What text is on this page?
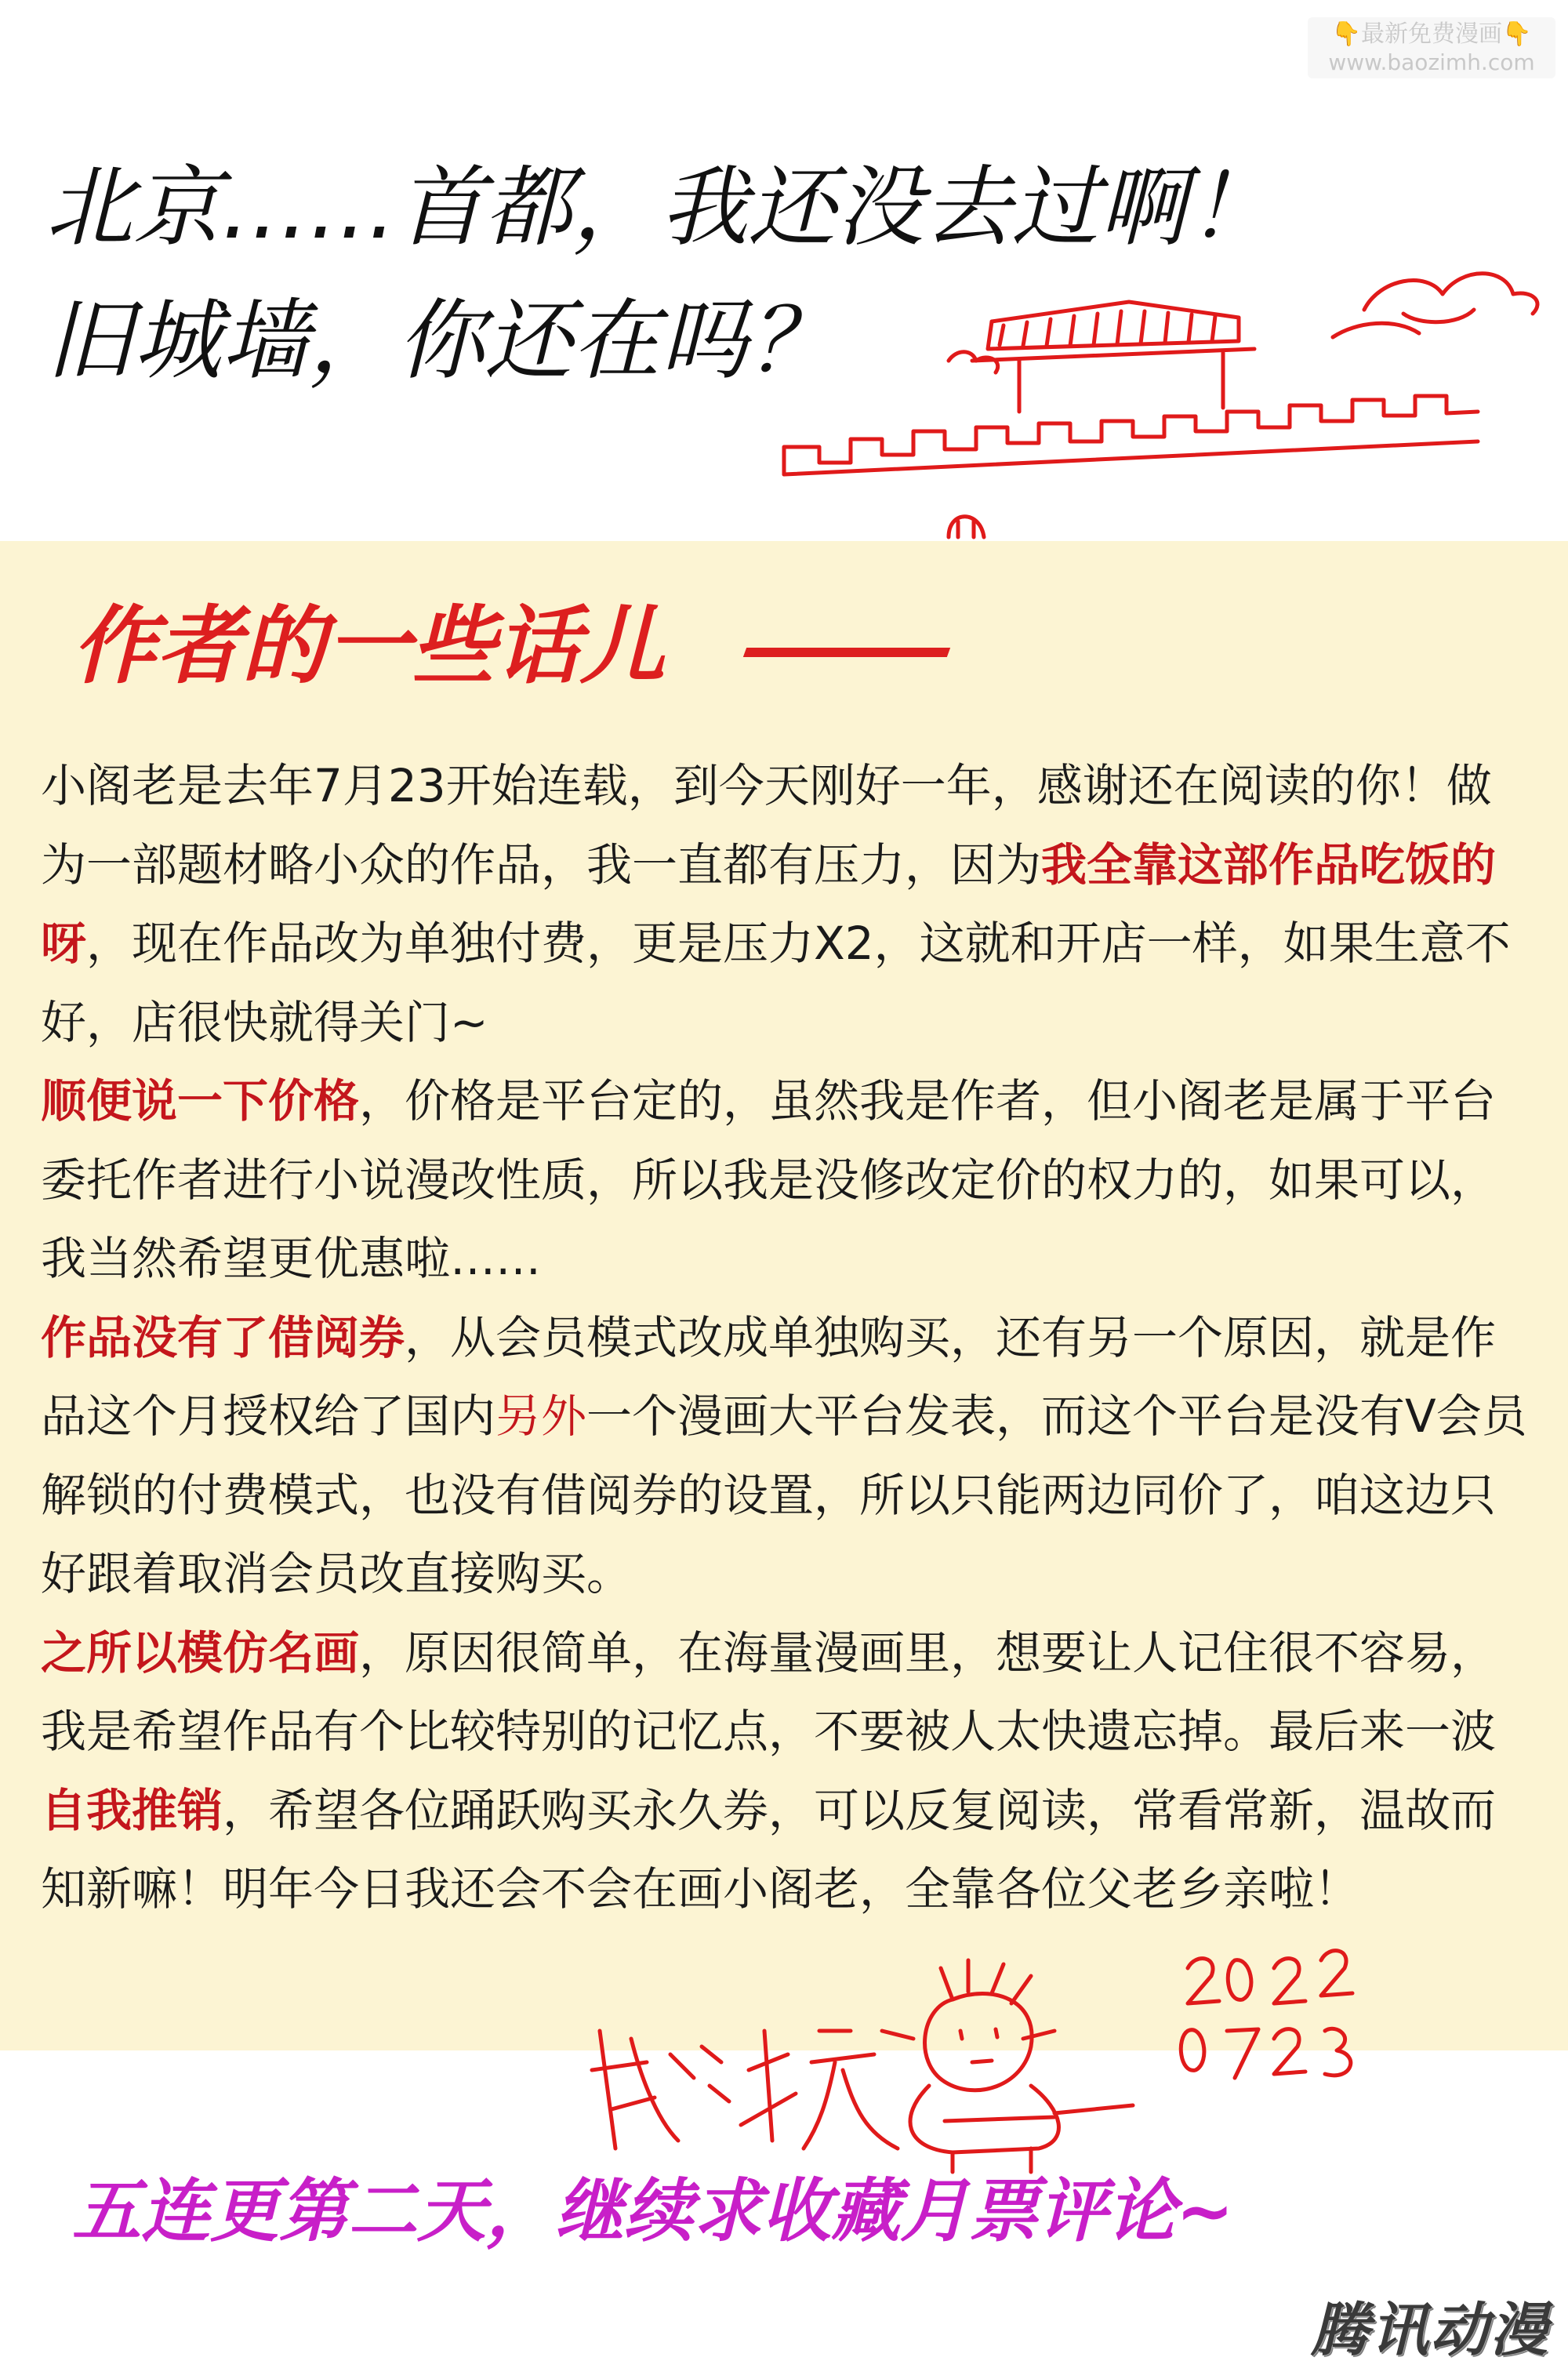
👇最新免费漫画👇
www.baozimh.com
北京……首都，我还没去过啊！
旧城墙，你还在吗？
作者的一些话儿

小阁老是去年7月23开始连载，到今天刚好一年，感谢还在阅读的你！做为一部题材略小众的作品，我一直都有压力，因为我全靠这部作品吃饭的呀，现在作品改为单独付费，更是压力X2，这就和开店一样，如果生意不好，店很快就得关门~

顺便说一下价格，价格是平台定的，虽然我是作者，但小阁老是属于平台委托作者进行小说漫改性质，所以我是没修改定价的权力的，如果可以，我当然希望更优惠啦……

作品没有了借阅券，从会员模式改成单独购买，还有另一个原因，就是作品这个月授权给了国内另外一个漫画大平台发表，而这个平台是没有V会员解锁的付费模式，也没有借阅券的设置，所以只能两边同价了，咱这边只好跟着取消会员改直接购买。

之所以模仿名画，原因很简单，在海量漫画里，想要让人记住很不容易，我是希望作品有个比较特别的记忆点，不要被人太快遗忘掉。最后来一波自我推销，希望各位踊跃购买永久券，可以反复阅读，常看常新，温故而知新嘛！明年今日我还会不会在画小阁老，全靠各位父老乡亲啦！

五连更第二天，继续求收藏月票评论~
腾讯动漫
